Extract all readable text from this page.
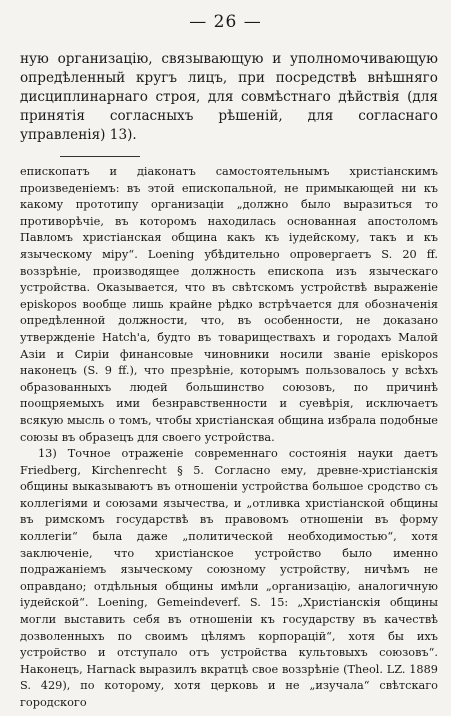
— 26 —

ную организацію, связывающую и уполномочивающую опредѣленный кругъ лицъ, при посредствѣ внѣшняго дисциплинарнаго строя, для совмѣстнаго дѣйствія (для принятія согласныхъ рѣшеній, для согласнаго управленія) 13).

епископатъ и діаконатъ самостоятельнымъ христіанскимъ произведеніемъ: въ этой епископальной, не примыкающей ни къ какому прототипу организаціи „должно было выразиться то противорѣчіе, въ которомъ находилась основанная апостоломъ Павломъ христіанская община какъ къ іудейскому, такъ и къ языческому міру“. Loening убѣдительно опровергаетъ S. 20 ff. воззрѣніе, производящее должность епископа изъ языческаго устройства. Оказывается, что въ свѣтскомъ устройствѣ выраженіе episkopos вообще лишь крайне рѣдко встрѣчается для обозначенія опредѣленной должности, что, въ особенности, не доказано утвержденіе Hatch'a, будто въ товариществахъ и городахъ Малой Азіи и Сиріи финансовые чиновники носили званіе episkopos наконецъ (S. 9 ff.), что презрѣніе, которымъ пользовалось у всѣхъ образованныхъ людей большинство союзовъ, по причинѣ поощряемыхъ ими безнравственности и суевѣрія, исключаетъ всякую мысль о томъ, чтобы христіанская община избрала подобные союзы въ образецъ для своего устройства.

13) Точное отраженіе современнаго состоянія науки даетъ Friedberg, Kirchenrecht § 5. Согласно ему, древне-христіанскія общины выказываютъ въ отношеніи устройства большое сродство съ коллегіями и союзами язычества, и „отливка христіанской общины въ римскомъ государствѣ въ правовомъ отношеніи въ форму коллегіи“ была даже „политической необходимостью“, хотя заключеніе, что христіанское устройство было именно подражаніемъ языческому союзному устройству, ничѣмъ не оправдано; отдѣльныя общины имѣли „организацію, аналогичную іудейской“. Loening, Gemeindeverf. S. 15: „Христіанскія общины могли выставить себя въ отношеніи къ государству въ качествѣ дозволенныхъ по своимъ цѣлямъ корпорацій“, хотя бы ихъ устройство и отступало отъ устройства культовыхъ союзовъ“. Наконецъ, Harnack выразилъ вкратцѣ свое воззрѣніе (Theol. LZ. 1889 S. 429), по которому, хотя церковь и не „изучала“ свѣтскаго городского
